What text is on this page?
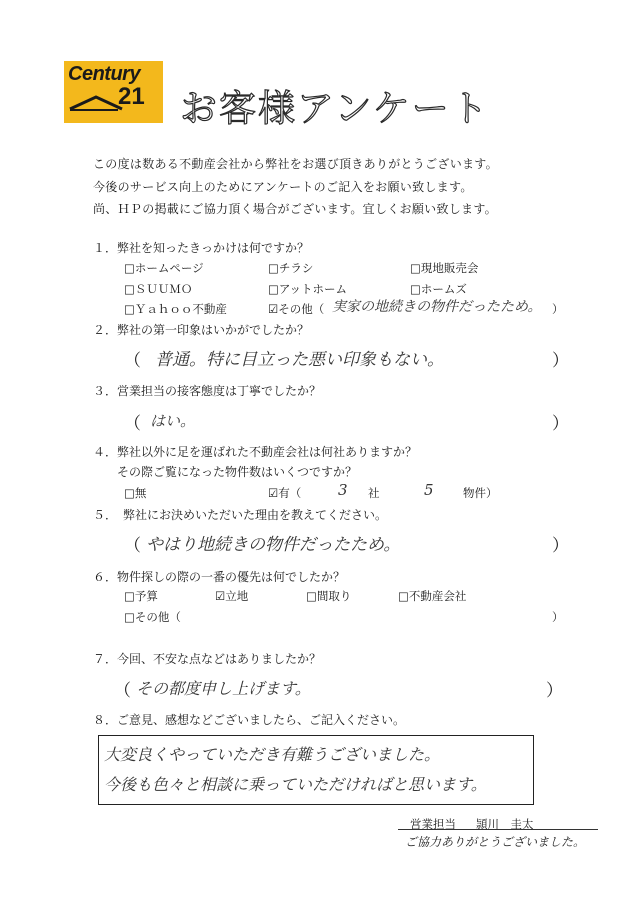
Century
21 お客様アンケート
この度は数ある不動産会社から弊社をお選び頂きありがとうございます。
今後のサービス向上のためにアンケートのご記入をお願い致します。
尚、ＨＰの掲載にご協力頂く場合がございます。宜しくお願い致します。
１．弊社を知ったきっかけは何ですか？
□ホームページ	□チラシ	□現地販売会
□ＳＵＵＭＯ	□アットホーム	□ホームズ
□Ｙａｈｏｏ不動産	☑その他（ 実家の地続きの物件だったため。 ）
２．弊社の第一印象はいかがでしたか？
（ 普通。特に目立った悪い印象もない。	）
３．営業担当の接客態度は丁寧でしたか？
（ はい。	）
４．弊社以外に足を運ばれた不動産会社は何社ありますか？
その際ご覧になった物件数はいくつですか？
□無	☑有（ 3 社	5	物件）
５．　弊社にお決めいただいた理由を教えてください。
（ やはり地続きの物件だったため。	）
６．物件探しの際の一番の優先は何でしたか？
□予算	☑立地	□間取り	□不動産会社
□その他（	）
７．今回、不安な点などはありましたか？
（ その都度申し上げます。	）
８．ご意見、感想などございましたら、ご記入ください。
大変良くやっていただき有難うございました。
今後も色々と相談に乗っていただければと思います。
営業担当 頴川　圭太
ご協力ありがとうございました。
